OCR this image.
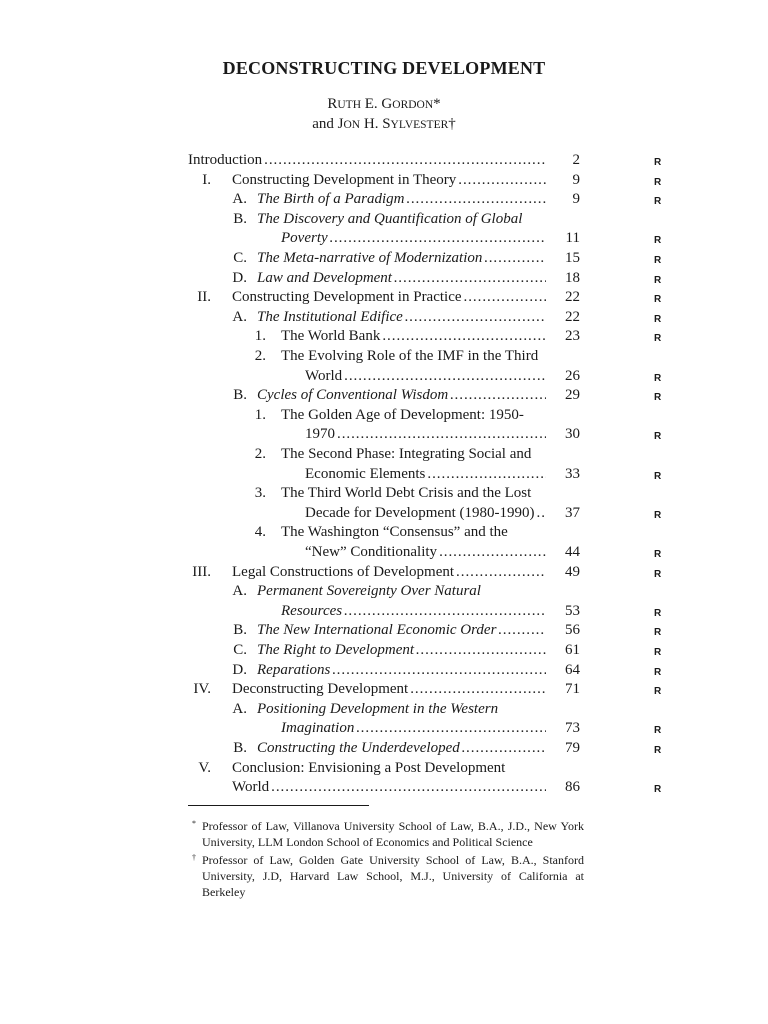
DECONSTRUCTING DEVELOPMENT
RUTH E. GORDON*
and JON H. SYLVESTER†
Introduction . . .	2	R
I. Constructing Development in Theory . . .	9	R
A. The Birth of a Paradigm . . .	9	R
B. The Discovery and Quantification of Global
Poverty . . .	11	R
C. The Meta-narrative of Modernization . . .	15	R
D. Law and Development . . .	18	R
II. Constructing Development in Practice . . .	22	R
A. The Institutional Edifice . . .	22	R
1. The World Bank . . .	23	R
2. The Evolving Role of the IMF in the Third
World . . .	26	R
B. Cycles of Conventional Wisdom . . .	29	R
1. The Golden Age of Development: 1950-
1970 . . .	30	R
2. The Second Phase: Integrating Social and
Economic Elements . . .	33	R
3. The Third World Debt Crisis and the Lost
Decade for Development (1980-1990) . . .	37	R
4. The Washington “Consensus” and the
“New” Conditionality . . .	44	R
III. Legal Constructions of Development . . .	49	R
A. Permanent Sovereignty Over Natural
Resources . . .	53	R
B. The New International Economic Order . . .	56	R
C. The Right to Development . . .	61	R
D. Reparations . . .	64	R
IV. Deconstructing Development . . .	71	R
A. Positioning Development in the Western
Imagination . . .	73	R
B. Constructing the Underdeveloped . . .	79	R
V. Conclusion: Envisioning a Post Development
World . . .	86	R
* Professor of Law, Villanova University School of Law, B.A., J.D., New York University, LLM London School of Economics and Political Science
† Professor of Law, Golden Gate University School of Law, B.A., Stanford University, J.D, Harvard Law School, M.J., University of California at Berkeley
